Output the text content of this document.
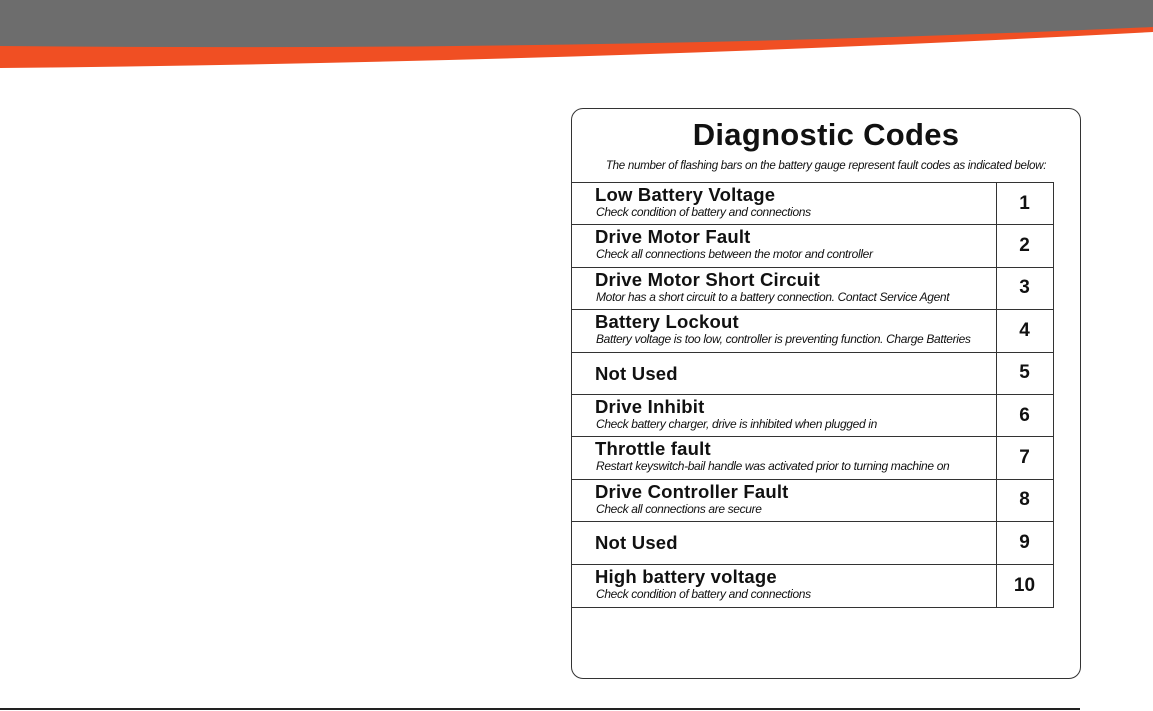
Diagnostic Codes
The number of flashing bars on the battery gauge represent fault codes as indicated below:
Low Battery Voltage
Check condition of battery and connections	1
Drive Motor Fault
Check all connections between the motor and controller	2
Drive Motor Short Circuit
Motor has a short circuit to a battery connection. Contact Service Agent	3
Battery Lockout
Battery voltage is too low, controller is preventing function. Charge Batteries	4
Not Used	5
Drive Inhibit
Check battery charger, drive is inhibited when plugged in	6
Throttle fault
Restart keyswitch-bail handle was activated prior to turning machine on	7
Drive Controller Fault
Check all connections are secure	8
Not Used	9
High battery voltage
Check condition of battery and connections	10
